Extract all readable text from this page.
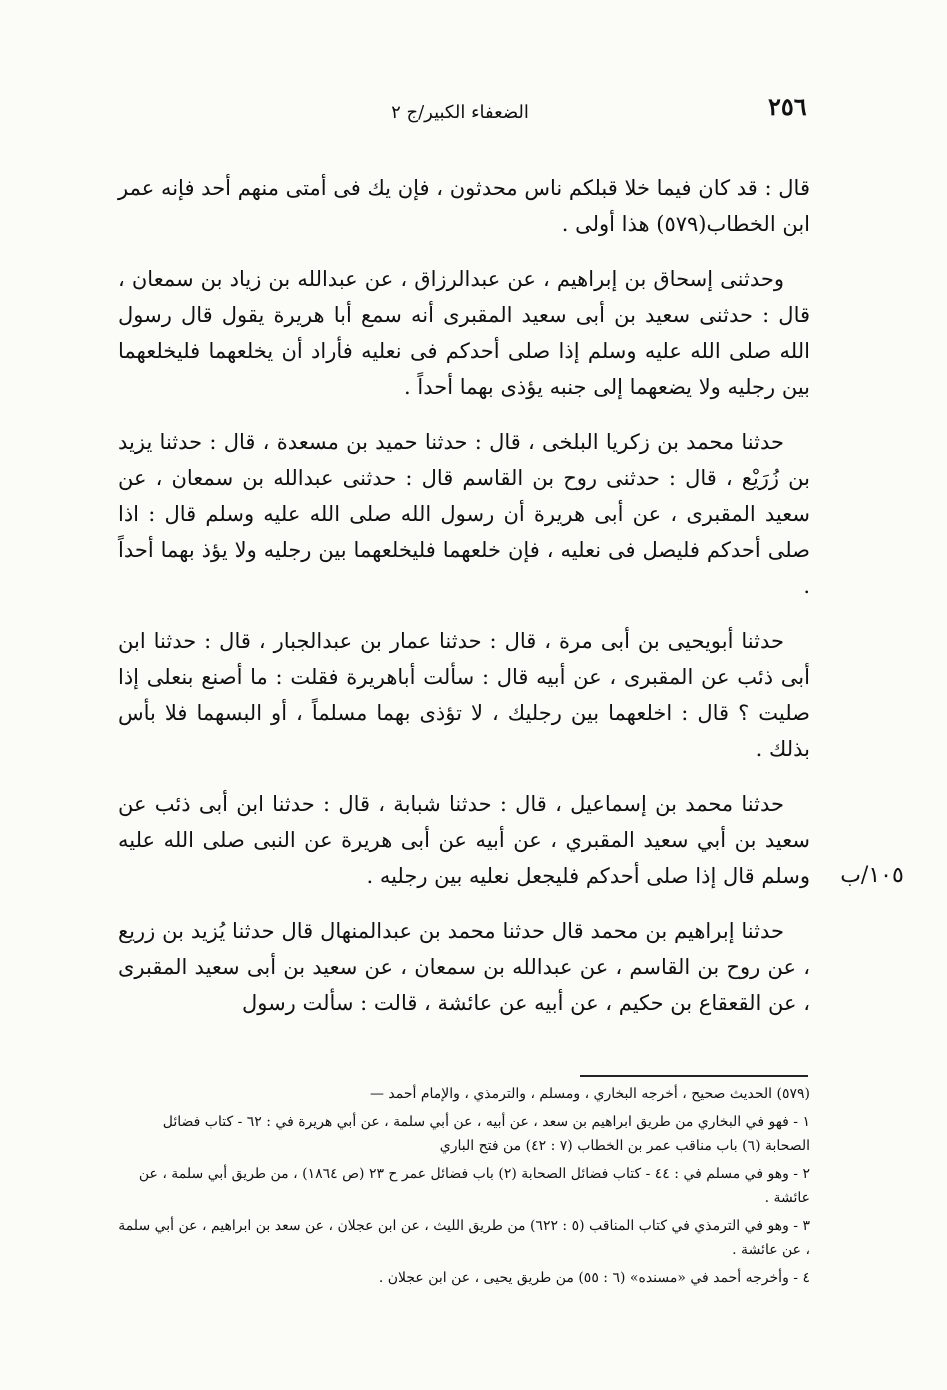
٢٥٦
الضعفاء الكبير/ج ٢

قال : قد كان فيما خلا قبلكم ناس محدثون ، فإن يك فى أمتى منهم أحد فإنه عمر ابن الخطاب(٥٧٩) هذا أولى .

وحدثنى إسحاق بن إبراهيم ، عن عبدالرزاق ، عن عبدالله بن زياد بن سمعان ، قال : حدثنى سعيد بن أبى سعيد المقبرى أنه سمع أبا هريرة يقول قال رسول الله صلى الله عليه وسلم إذا صلى أحدكم فى نعليه فأراد أن يخلعهما فليخلعهما بين رجليه ولا يضعهما إلى جنبه يؤذى بهما أحداً .

حدثنا محمد بن زكريا البلخى ، قال : حدثنا حميد بن مسعدة ، قال : حدثنا يزيد بن زُرَيْع ، قال : حدثنى روح بن القاسم قال : حدثنى عبدالله بن سمعان ، عن سعيد المقبرى ، عن أبى هريرة أن رسول الله صلى الله عليه وسلم قال : اذا صلى أحدكم فليصل فى نعليه ، فإن خلعهما فليخلعهما بين رجليه ولا يؤذ بهما أحداً .

حدثنا أبويحيى بن أبى مرة ، قال : حدثنا عمار بن عبدالجبار ، قال : حدثنا ابن أبى ذئب عن المقبرى ، عن أبيه قال : سألت أباهريرة فقلت : ما أصنع بنعلى إذا صليت ؟ قال : اخلعهما بين رجليك ، لا تؤذى بهما مسلماً ، أو البسهما فلا بأس بذلك .

حدثنا محمد بن إسماعيل ، قال : حدثنا شبابة ، قال : حدثنا ابن أبى ذئب عن سعيد بن أبي سعيد المقبري ، عن أبيه عن أبى هريرة عن النبى صلى الله عليه وسلم قال إذا صلى أحدكم فليجعل نعليه بين رجليه .

حدثنا إبراهيم بن محمد قال حدثنا محمد بن عبدالمنهال قال حدثنا يُزيد بن زريع ، عن روح بن القاسم ، عن عبدالله بن سمعان ، عن سعيد بن أبى سعيد المقبرى ، عن القعقاع بن حكيم ، عن أبيه عن عائشة ، قالت : سألت رسول

١٠٥/ب

(٥٧٩) الحديث صحيح ، أخرجه البخاري ، ومسلم ، والترمذي ، والإمام أحمد —

١ - فهو في البخاري من طريق ابراهيم بن سعد ، عن أبيه ، عن أبي سلمة ، عن أبي هريرة في : ٦٢ - كتاب فضائل الصحابة (٦) باب مناقب عمر بن الخطاب (٧ : ٤٢) من فتح الباري

٢ - وهو في مسلم في : ٤٤ - كتاب فضائل الصحابة (٢) باب فضائل عمر ح ٢٣ (ص ١٨٦٤) ، من طريق أبي سلمة ، عن عائشة .

٣ - وهو في الترمذي في كتاب المناقب (٥ : ٦٢٢) من طريق الليث ، عن ابن عجلان ، عن سعد بن ابراهيم ، عن أبي سلمة ، عن عائشة .

٤ - وأخرجه أحمد في «مسنده» (٦ : ٥٥) من طريق يحيى ، عن ابن عجلان .
